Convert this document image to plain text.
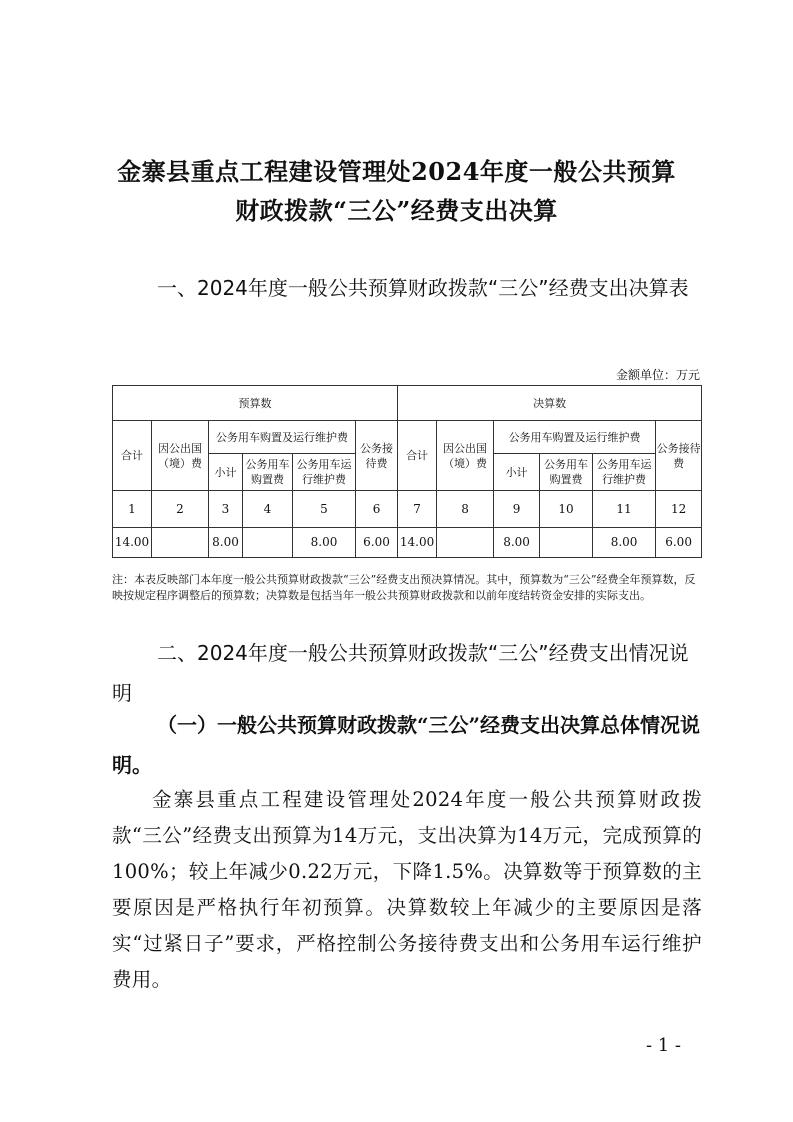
金寨县重点工程建设管理处2024年度一般公共预算
财政拨款“三公”经费支出决算
一、2024年度一般公共预算财政拨款“三公”经费支出决算表
金额单位：万元
预算数						决算数					
合计	因公出国（境）费	公务用车购置及运行维护费			公务接待费	合计	因公出国（境）费	公务用车购置及运行维护费			公务接待费
		小计	公务用车购置费	公务用车运行维护费				小计	公务用车购置费	公务用车运行维护费	
1	2	3	4	5	6	7	8	9	10	11	12
14.00		8.00		8.00	6.00	14.00		8.00		8.00	6.00
注：本表反映部门本年度一般公共预算财政拨款“三公”经费支出预决算情况。其中，预算数为“三公”经费全年预算数，反映按规定程序调整后的预算数；决算数是包括当年一般公共预算财政拨款和以前年度结转资金安排的实际支出。
二、2024年度一般公共预算财政拨款“三公”经费支出情况说明
（一）一般公共预算财政拨款“三公”经费支出决算总体情况说明。
金寨县重点工程建设管理处2024年度一般公共预算财政拨款“三公”经费支出预算为14万元，支出决算为14万元，完成预算的100%；较上年减少0.22万元，下降1.5%。决算数等于预算数的主要原因是严格执行年初预算。决算数较上年减少的主要原因是落实“过紧日子”要求，严格控制公务接待费支出和公务用车运行维护费用。
- 1 -
